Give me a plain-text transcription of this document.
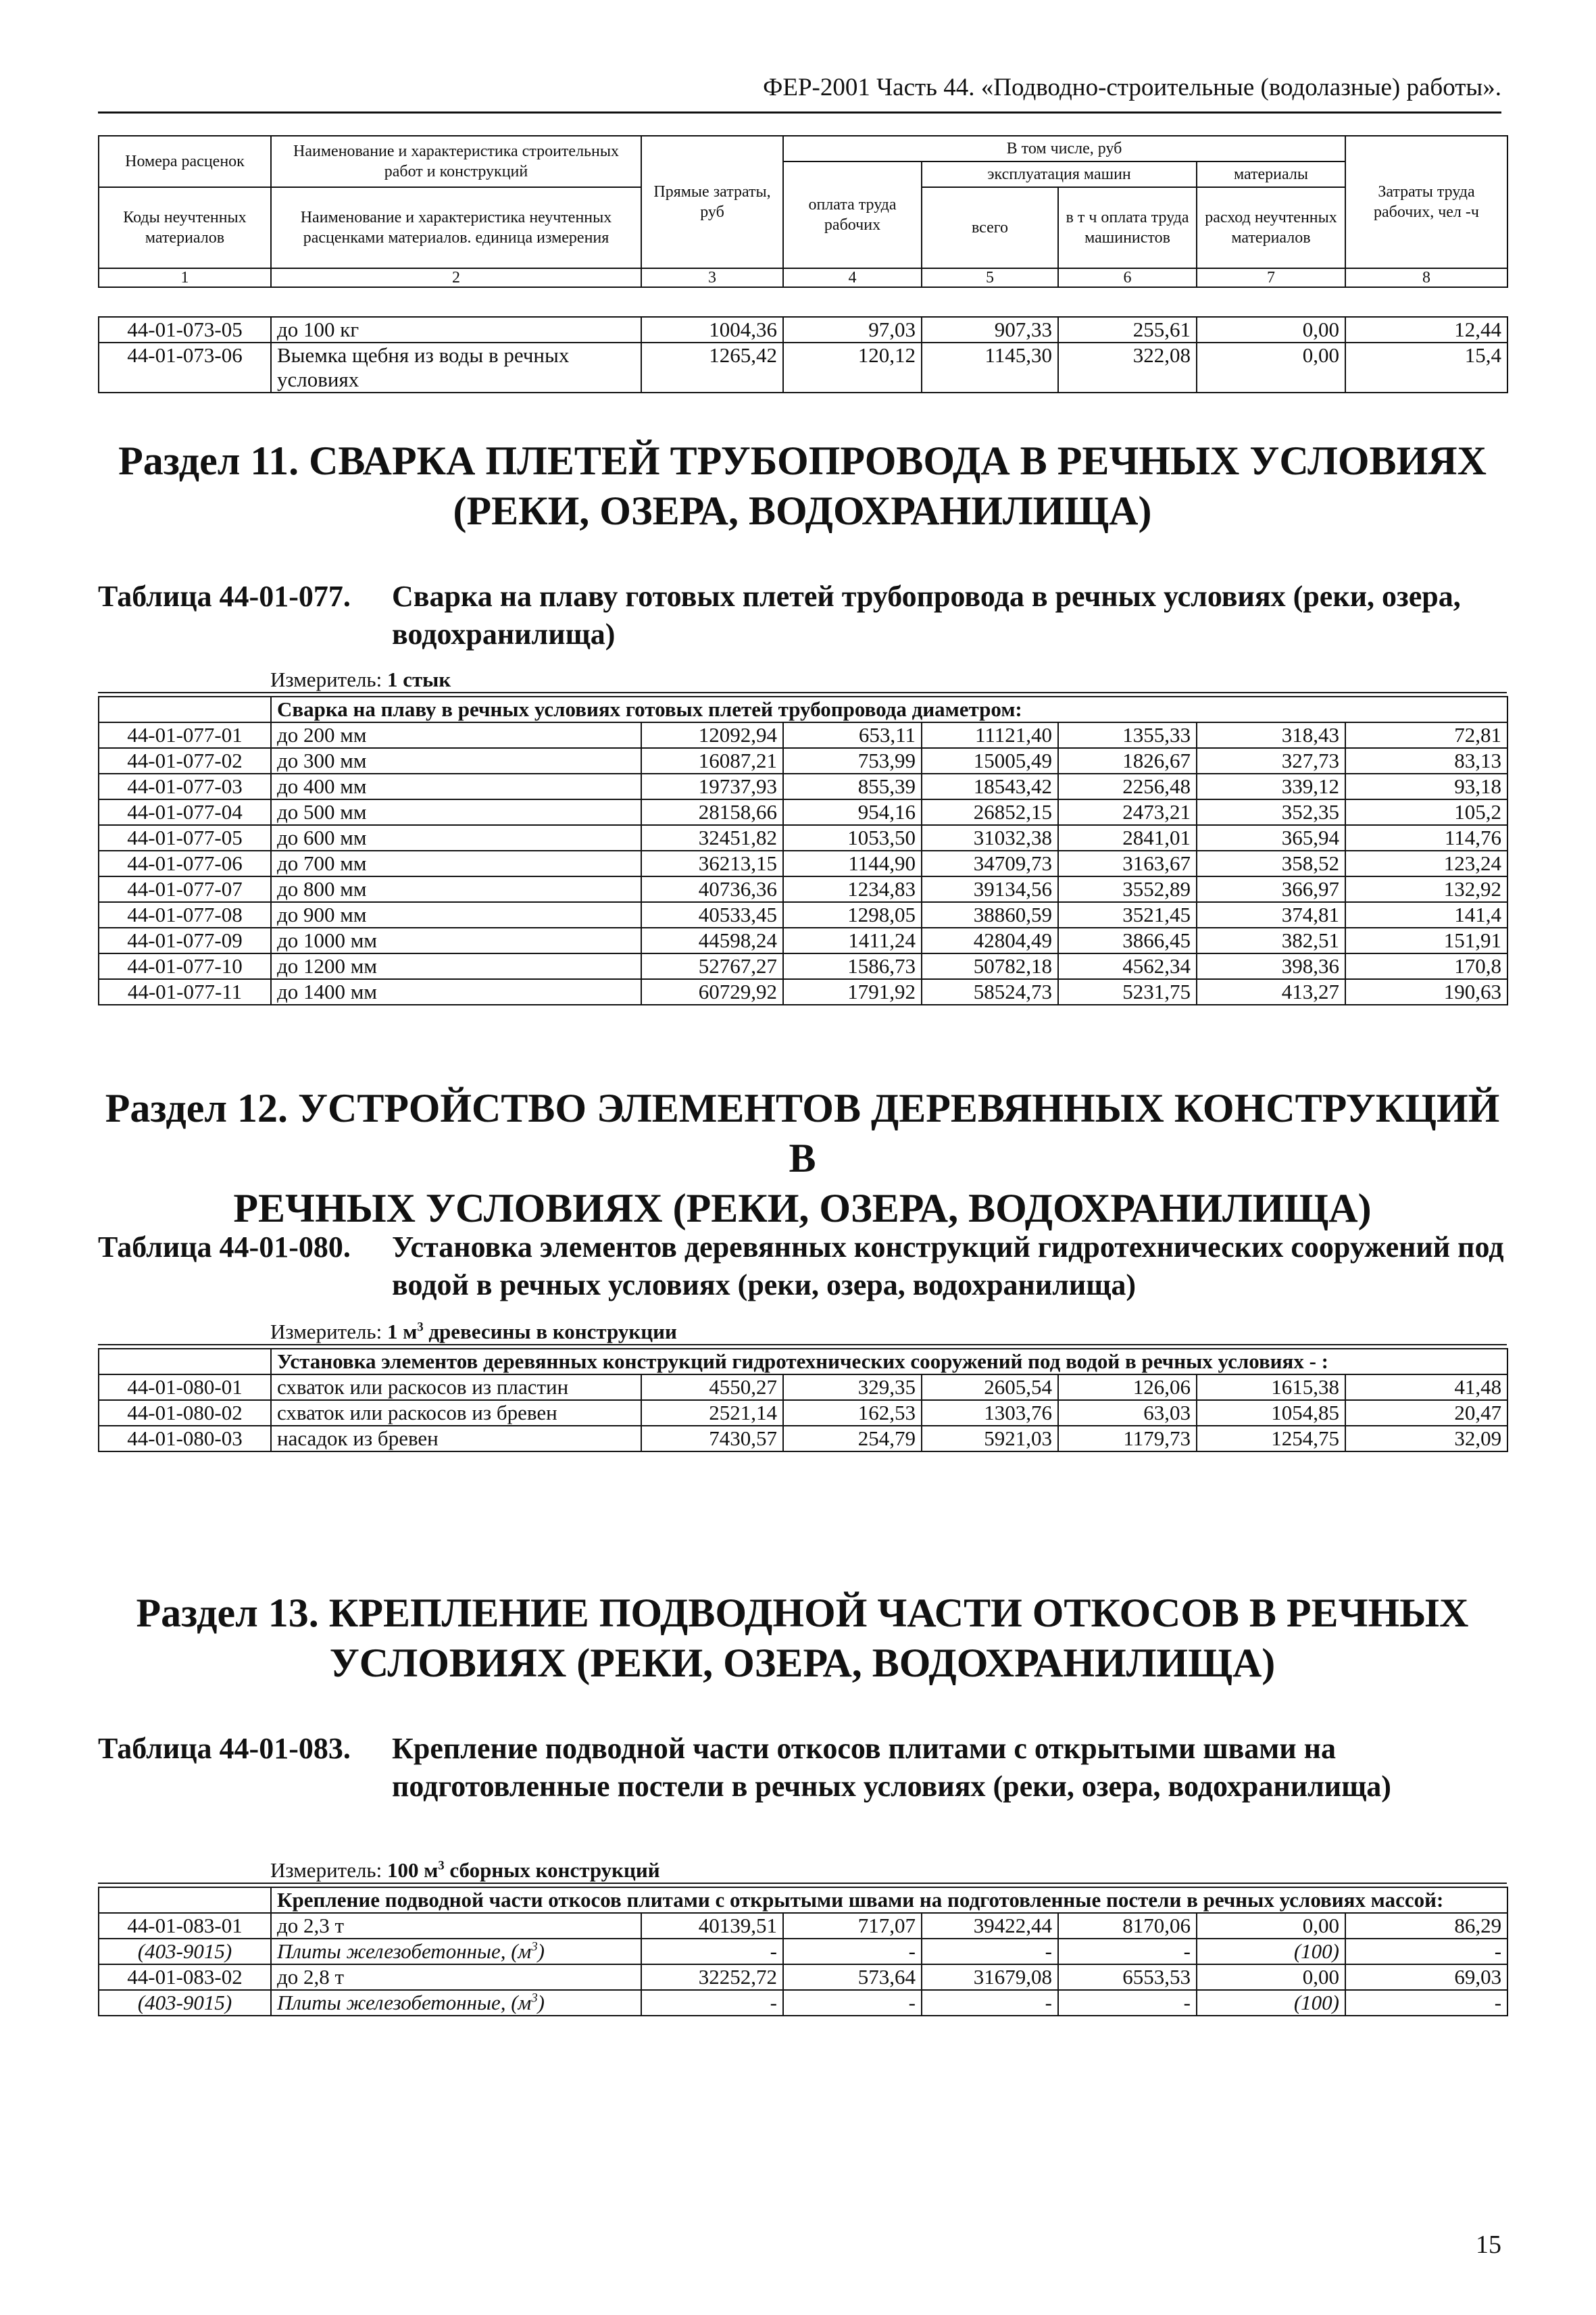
ФЕР-2001 Часть 44. «Подводно-строительные (водолазные) работы».
Номера расценок	Наименование и характеристика строительных работ и конструкций	Прямые затраты, руб	В том числе, руб				Затраты труда рабочих, чел -ч
			оплата труда рабочих	эксплуатация машин		материалы	
Коды неучтенных материалов	Наименование и характеристика неучтенных расценками материалов. единица измерения			всего	в т ч оплата труда машинистов	расход неучтенных материалов	

1	2	3	4	5	6	7	8
44-01-073-05	до 100 кг	1004,36	97,03	907,33	255,61	0,00	12,44
44-01-073-06	Выемка щебня из воды в речных условиях	1265,42	120,12	1145,30	322,08	0,00	15,4
Раздел 11. СВАРКА ПЛЕТЕЙ ТРУБОПРОВОДА В РЕЧНЫХ УСЛОВИЯХ
(РЕКИ, ОЗЕРА, ВОДОХРАНИЛИЩА)
Таблица 44-01-077. Сварка на плаву готовых плетей трубопровода в речных условиях (реки, озера, водохранилища)
Измеритель: 1 стык
	Сварка на плаву в речных условиях готовых плетей трубопровода диаметром:						
44-01-077-01	до 200 мм	12092,94	653,11	11121,40	1355,33	318,43	72,81
44-01-077-02	до 300 мм	16087,21	753,99	15005,49	1826,67	327,73	83,13
44-01-077-03	до 400 мм	19737,93	855,39	18543,42	2256,48	339,12	93,18
44-01-077-04	до 500 мм	28158,66	954,16	26852,15	2473,21	352,35	105,2
44-01-077-05	до 600 мм	32451,82	1053,50	31032,38	2841,01	365,94	114,76
44-01-077-06	до 700 мм	36213,15	1144,90	34709,73	3163,67	358,52	123,24
44-01-077-07	до 800 мм	40736,36	1234,83	39134,56	3552,89	366,97	132,92
44-01-077-08	до 900 мм	40533,45	1298,05	38860,59	3521,45	374,81	141,4
44-01-077-09	до 1000 мм	44598,24	1411,24	42804,49	3866,45	382,51	151,91
44-01-077-10	до 1200 мм	52767,27	1586,73	50782,18	4562,34	398,36	170,8
44-01-077-11	до 1400 мм	60729,92	1791,92	58524,73	5231,75	413,27	190,63
Раздел 12. УСТРОЙСТВО ЭЛЕМЕНТОВ ДЕРЕВЯННЫХ КОНСТРУКЦИЙ В
РЕЧНЫХ УСЛОВИЯХ (РЕКИ, ОЗЕРА, ВОДОХРАНИЛИЩА)
Таблица 44-01-080. Установка элементов деревянных конструкций гидротехнических сооружений под водой в речных условиях (реки, озера, водохранилища)
Измеритель: 1 $м^3$ древесины в конструкции
	Установка элементов деревянных конструкций гидротехнических сооружений под водой в речных условиях - :						
44-01-080-01	схваток или раскосов из пластин	4550,27	329,35	2605,54	126,06	1615,38	41,48
44-01-080-02	схваток или раскосов из бревен	2521,14	162,53	1303,76	63,03	1054,85	20,47
44-01-080-03	насадок из бревен	7430,57	254,79	5921,03	1179,73	1254,75	32,09
Раздел 13. КРЕПЛЕНИЕ ПОДВОДНОЙ ЧАСТИ ОТКОСОВ В РЕЧНЫХ
УСЛОВИЯХ (РЕКИ, ОЗЕРА, ВОДОХРАНИЛИЩА)
Таблица 44-01-083. Крепление подводной части откосов плитами с открытыми швами на подготовленные постели в речных условиях (реки, озера, водохранилища)
Измеритель: 100 $м^3$ сборных конструкций
	Крепление подводной части откосов плитами с открытыми швами на подготовленные постели в речных условиях массой:						
44-01-083-01	до 2,3 т	40139,51	717,07	39422,44	8170,06	0,00	86,29
(403-9015)	Плиты железобетонные, $(м^3)$	-	-	-	-	(100)	-
44-01-083-02	до 2,8 т	32252,72	573,64	31679,08	6553,53	0,00	69,03
(403-9015)	Плиты железобетонные, $(м^3)$	-	-	-	-	(100)	-
15
